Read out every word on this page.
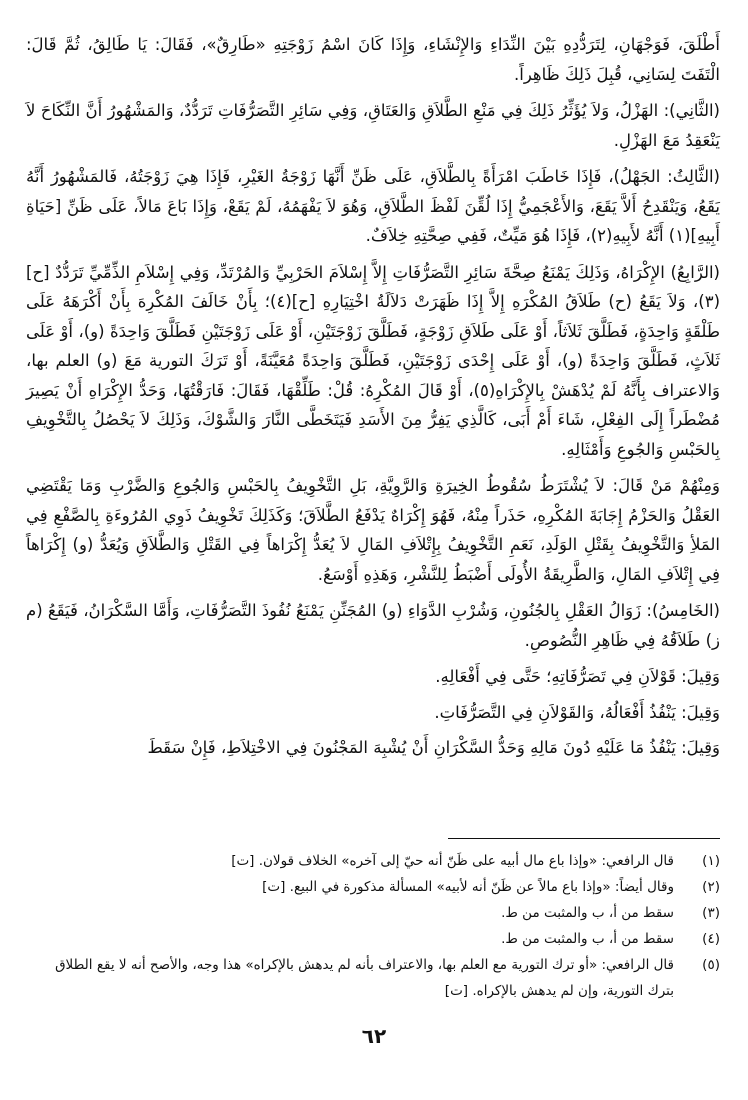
أَطْلَقَ، فَوَجْهَانِ، لِتَرَدُّدِهِ بَيْنَ النِّدَاءِ وَالإِنْشَاءِ، وَإِذَا كَانَ اسْمُ زَوْجَتِهِ «طَارِقٌ»، فَقَالَ: يَا طَالِقُ، ثُمَّ قَالَ: الْتَفَتَ لِسَانِي، قُبِلَ ذَلِكَ ظَاهِراً.

(الثَّانِي): الهَزْلُ، وَلاَ يُؤَثِّرُ ذَلِكَ فِي مَنْعِ الطَّلاَقِ وَالعَتَاقِ، وَفِي سَائِرِ التَّصَرُّفَاتِ تَرَدُّدٌ، وَالمَشْهُورُ أَنَّ النِّكَاحَ لاَ يَنْعَقِدُ مَعَ الهَزْلِ.

(الثَّالِثُ: الجَهْلُ)، فَإِذَا خَاطَبَ امْرَأَةً بِالطَّلاَقِ، عَلَى ظَنِّ أَنَّهَا زَوْجَةُ الغَيْرِ، فَإِذَا هِيَ زَوْجَتُهُ، فَالمَشْهُورُ أَنَّهُ يَقَعُ، وَيَنْقَدِحُ أَلاَّ يَقَعَ، وَالأَعْجَمِيُّ إِذَا لُقِّنَ لَفْظَ الطَّلاَقِ، وَهُوَ لاَ يَفْهَمُهُ، لَمْ يَقَعْ، وَإِذَا بَاعَ مَالاً، عَلَى ظَنِّ [حَيَاةِ أَبِيهِ](١) أَنَّهُ لأَبِيهِ(٢)، فَإِذَا هُوَ مَيِّتٌ، فَفِي صِحَّتِهِ خِلاَفٌ.

(الرَّابِعُ) الإِكْرَاهُ، وَذَلِكَ يَمْنَعُ صِحَّةَ سَائِرِ التَّصَرُّفَاتِ إِلاَّ إِسْلاَمَ الحَرْبِيِّ وَالمُرْتَدِّ، وَفِي إِسْلاَمِ الذِّمِّيِّ تَرَدُّدٌ [ح](٣)، وَلاَ يَقَعُ (ح) طَلاَقُ المُكْرَهِ إِلاَّ إِذَا ظَهَرَتْ دَلاَلَةُ اخْتِيَارِهِ [ح](٤)؛ بِأَنْ خَالَفَ المُكْرِهَ بِأَنْ أَكْرَهَهُ عَلَى طَلْقَةٍ وَاحِدَةٍ، فَطَلَّقَ ثَلاَثاً، أَوْ عَلَى طَلاَقِ زَوْجَةٍ، فَطَلَّقَ زَوْجَتَيْنِ، أَوْ عَلَى زَوْجَتَيْنِ فَطَلَّقَ وَاحِدَةً (و)، أَوْ عَلَى ثَلاَثٍ، فَطَلَّقَ وَاحِدَةً (و)، أَوْ عَلَى إِحْدَى زَوْجَتَيْنِ، فَطَلَّقَ وَاحِدَةً مُعَيَّنَةً، أَوْ تَرَكَ التورية مَعَ (و) العلم بها، وَالاعتراف بِأَنَّهُ لَمْ يُدْهَشْ بِالإِكْرَاهِ(٥)، أَوْ قَالَ المُكْرِهُ: قُلْ: طَلِّقْهَا، فَقَالَ: فَارَقْتُهَا، وَحَدُّ الإِكْرَاهِ أَنْ يَصِيرَ مُضْطَراً إِلَى الفِعْلِ، شَاءَ أَمْ أَبَى، كَالَّذِي يَفِرُّ مِنَ الأَسَدِ فَيَتَخَطَّى النَّارَ وَالشَّوْكَ، وَذَلِكَ لاَ يَحْصُلُ بِالتَّخْوِيفِ بِالحَبْسِ وَالجُوعِ وَأَمْثَالِهِ.

وَمِنْهُمْ مَنْ قَالَ: لاَ يُشْتَرَطُ سُقُوطُ الخِيرَةِ وَالرَّوِيَّةِ، بَلِ التَّخْوِيفُ بِالحَبْسِ وَالجُوعِ وَالضَّرْبِ وَمَا يَقْتَضِي العَقْلُ وَالحَزْمُ إِجَابَةَ المُكْرِهِ، حَذَراً مِنْهُ، فَهُوَ إِكْرَاهٌ يَدْفَعُ الطَّلاَقَ؛ وَكَذَلِكَ تَخْوِيفُ ذَوِي المُرُوءَةِ بِالصَّفْعِ فِي المَلأِ وَالتَّخْوِيفُ بِقَتْلِ الوَلَدِ، نَعَمِ التَّخْوِيفُ بِإِتْلاَفِ المَالِ لاَ يُعَدُّ إِكْرَاهاً فِي القَتْلِ وَالطَّلاَقِ وَيُعَدُّ (و) إِكْرَاهاً فِي إِتْلاَفِ المَالِ، وَالطَّرِيقَةُ الأُولَى أَضْبَطُ لِلنَّشْرِ، وَهَذِهِ أَوْسَعُ.

(الخَامِسُ): زَوَالُ العَقْلِ بِالجُنُونِ، وَشُرْبِ الدَّوَاءِ (و) المُجَنِّنِ يَمْنَعُ نُفُوذَ التَّصَرُّفَاتِ، وَأَمَّا السَّكْرَانُ، فَيَقَعُ (م ز) طَلاَقُهُ فِي ظَاهِرِ النُّصُوصِ.

وَقِيلَ: قَوْلاَنِ فِي تَصَرُّفَاتِهِ؛ حَتَّى فِي أَفْعَالِهِ.

وَقِيلَ: يَنْفُذُ أَفْعَالُهُ، وَالقَوْلاَنِ فِي التَّصَرُّفَاتِ.

وَقِيلَ: يَنْفُذُ مَا عَلَيْهِ دُونَ مَالِهِ وَحَدُّ السَّكْرَانِ أَنْ يُشْبِهَ المَجْنُونَ فِي الاخْتِلاَطِ، فَإِنْ سَقَطَ

(١)
قال الرافعي: «وإذا باع مال أبيه على ظَنّ أنه حيّ إلى آخره» الخلاف قولان. [ت]
(٢)
وقال أيضاً: «وإذا باع مالاً عن ظَنّ أنه لأبيه» المسألة مذكورة في البيع. [ت]
(٣)
سقط من أ، ب والمثبت من ط.
(٤)
سقط من أ، ب والمثبت من ط.
(٥)
قال الرافعي: «أو ترك التورية مع العلم بها، والاعتراف بأنه لم يدهش بالإكراه» هذا وجه، والأصح أنه لا يقع الطلاق بترك التورية، وإن لم يدهش بالإكراه. [ت]
٦٢
